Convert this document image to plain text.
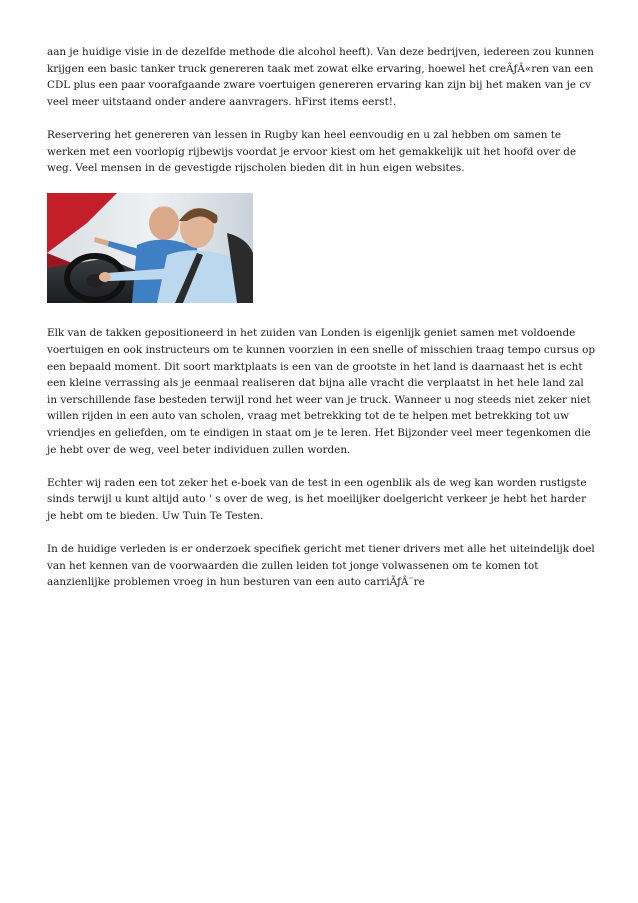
aan je huidige visie in de dezelfde methode die alcohol heeft). Van deze bedrijven, iedereen zou kunnen krijgen een basic tanker truck genereren taak met zowat elke ervaring, hoewel het creÃƒÂ«ren van een CDL plus een paar voorafgaande zware voertuigen genereren ervaring kan zijn bij het maken van je cv veel meer uitstaand onder andere aanvragers. hFirst items eerst!.

Reservering het genereren van lessen in Rugby kan heel eenvoudig en u zal hebben om samen te werken met een voorlopig rijbewijs voordat je ervoor kiest om het gemakkelijk uit het hoofd over de weg. Veel mensen in de gevestigde rijscholen bieden dit in hun eigen websites.

Elk van de takken gepositioneerd in het zuiden van Londen is eigenlijk geniet samen met voldoende voertuigen en ook instructeurs om te kunnen voorzien in een snelle of misschien traag tempo cursus op een bepaald moment. Dit soort marktplaats is een van de grootste in het land is daarnaast het is echt een kleine verrassing als je eenmaal realiseren dat bijna alle vracht die verplaatst in het hele land zal in verschillende fase besteden terwijl rond het weer van je truck. Wanneer u nog steeds niet zeker niet willen rijden in een auto van scholen, vraag met betrekking tot de te helpen met betrekking tot uw vriendjes en geliefden, om te eindigen in staat om je te leren. Het Bijzonder veel meer tegenkomen die je hebt over de weg, veel beter individuen zullen worden.

Echter wij raden een tot zeker het e-boek van de test in een ogenblik als de weg kan worden rustigste sinds terwijl u kunt altijd auto ' s over de weg, is het moeilijker doelgericht verkeer je hebt het harder je hebt om te bieden. Uw Tuin Te Testen.

In de huidige verleden is er onderzoek specifiek gericht met tiener drivers met alle het uiteindelijk doel van het kennen van de voorwaarden die zullen leiden tot jonge volwassenen om te komen tot aanzienlijke problemen vroeg in hun besturen van een auto carriÃƒÂ¨re
